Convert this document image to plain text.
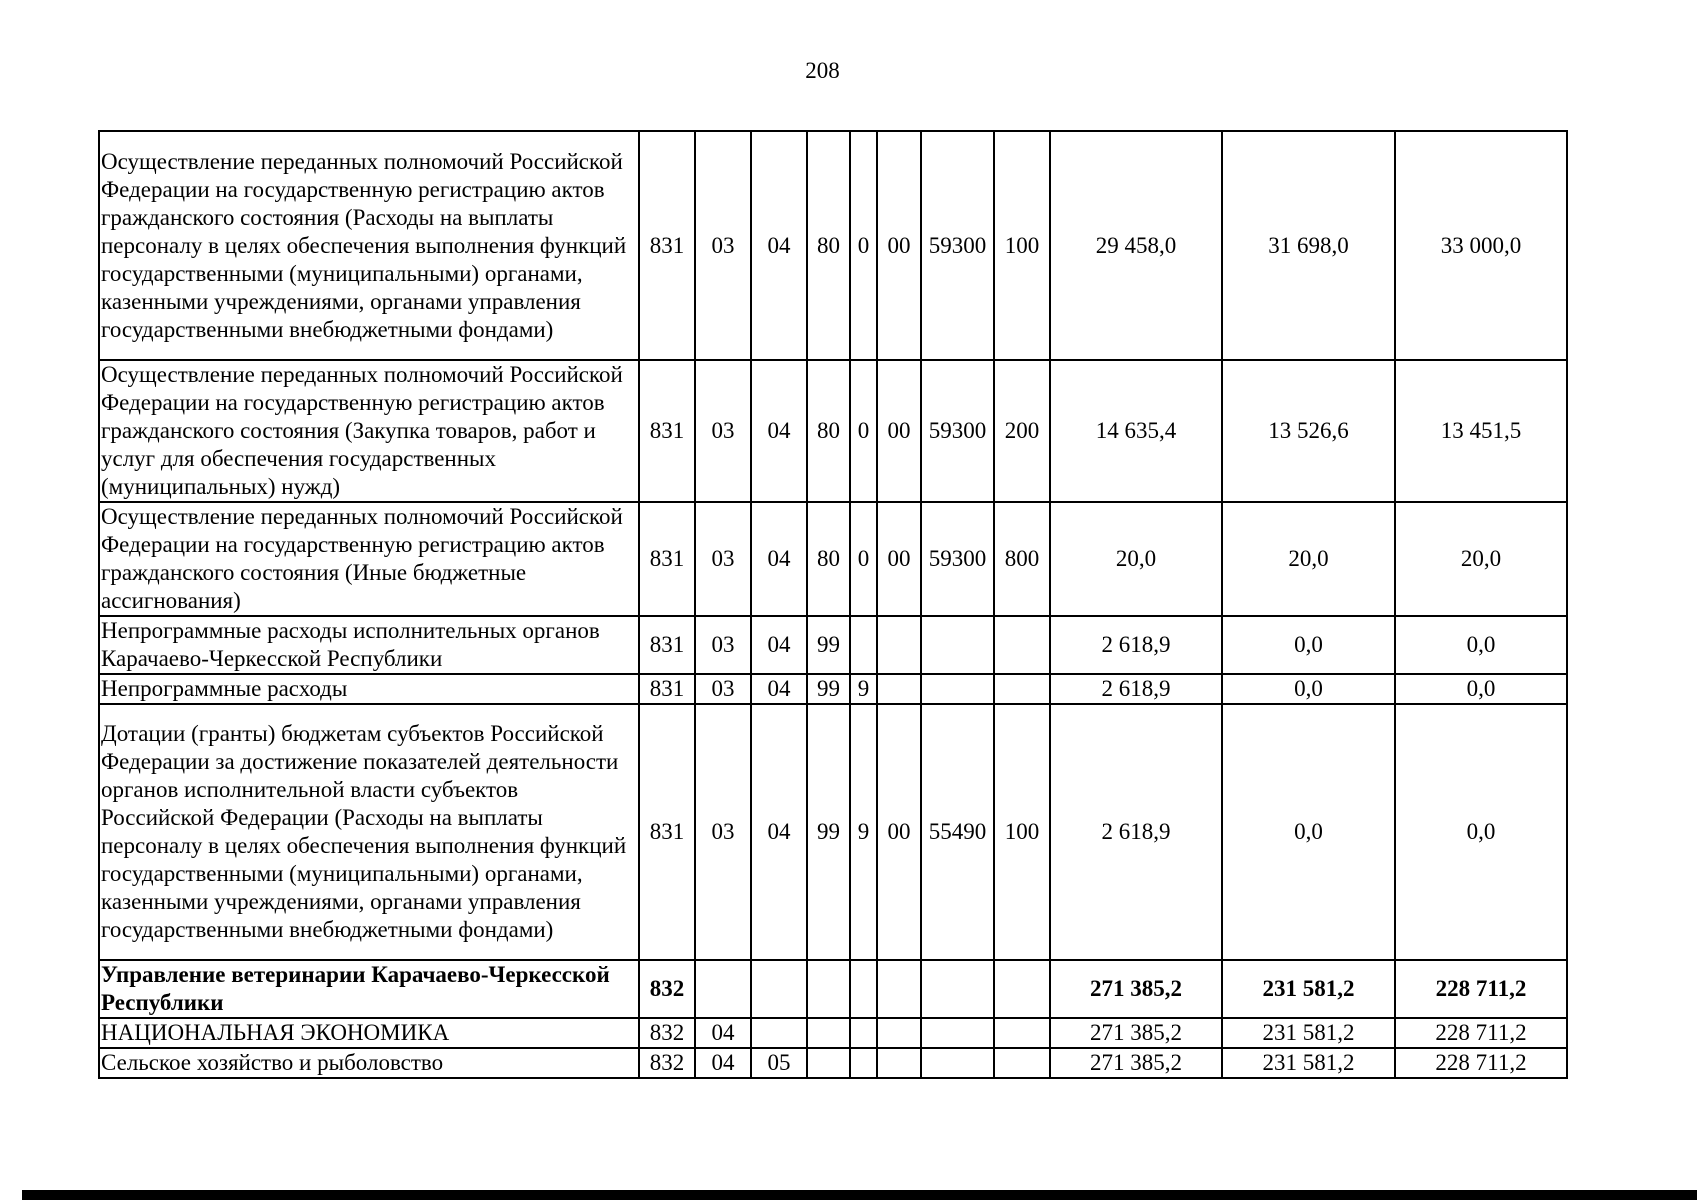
208
Осуществление переданных полномочий Российской Федерации на государственную регистрацию актов гражданского состояния (Расходы на выплаты персоналу в целях обеспечения выполнения функций государственными (муниципальными) органами, казенными учреждениями, органами управления государственными внебюджетными фондами)	831	03	04	80	0	00	59300	100	29 458,0	31 698,0	33 000,0
Осуществление переданных полномочий Российской Федерации на государственную регистрацию актов гражданского состояния (Закупка товаров, работ и услуг для обеспечения государственных (муниципальных) нужд)	831	03	04	80	0	00	59300	200	14 635,4	13 526,6	13 451,5
Осуществление переданных полномочий Российской Федерации на государственную регистрацию актов гражданского состояния (Иные бюджетные ассигнования)	831	03	04	80	0	00	59300	800	20,0	20,0	20,0
Непрограммные расходы исполнительных органов Карачаево-Черкесской Республики	831	03	04	99					2 618,9	0,0	0,0
Непрограммные расходы	831	03	04	99	9				2 618,9	0,0	0,0
Дотации (гранты) бюджетам субъектов Российской Федерации за достижение показателей деятельности органов исполнительной власти субъектов Российской Федерации (Расходы на выплаты персоналу в целях обеспечения выполнения функций государственными (муниципальными) органами, казенными учреждениями, органами управления государственными внебюджетными фондами)	831	03	04	99	9	00	55490	100	2 618,9	0,0	0,0
Управление ветеринарии Карачаево-Черкесской Республики	832								271 385,2	231 581,2	228 711,2
НАЦИОНАЛЬНАЯ ЭКОНОМИКА	832	04							271 385,2	231 581,2	228 711,2
Сельское хозяйство и рыболовство	832	04	05						271 385,2	231 581,2	228 711,2
